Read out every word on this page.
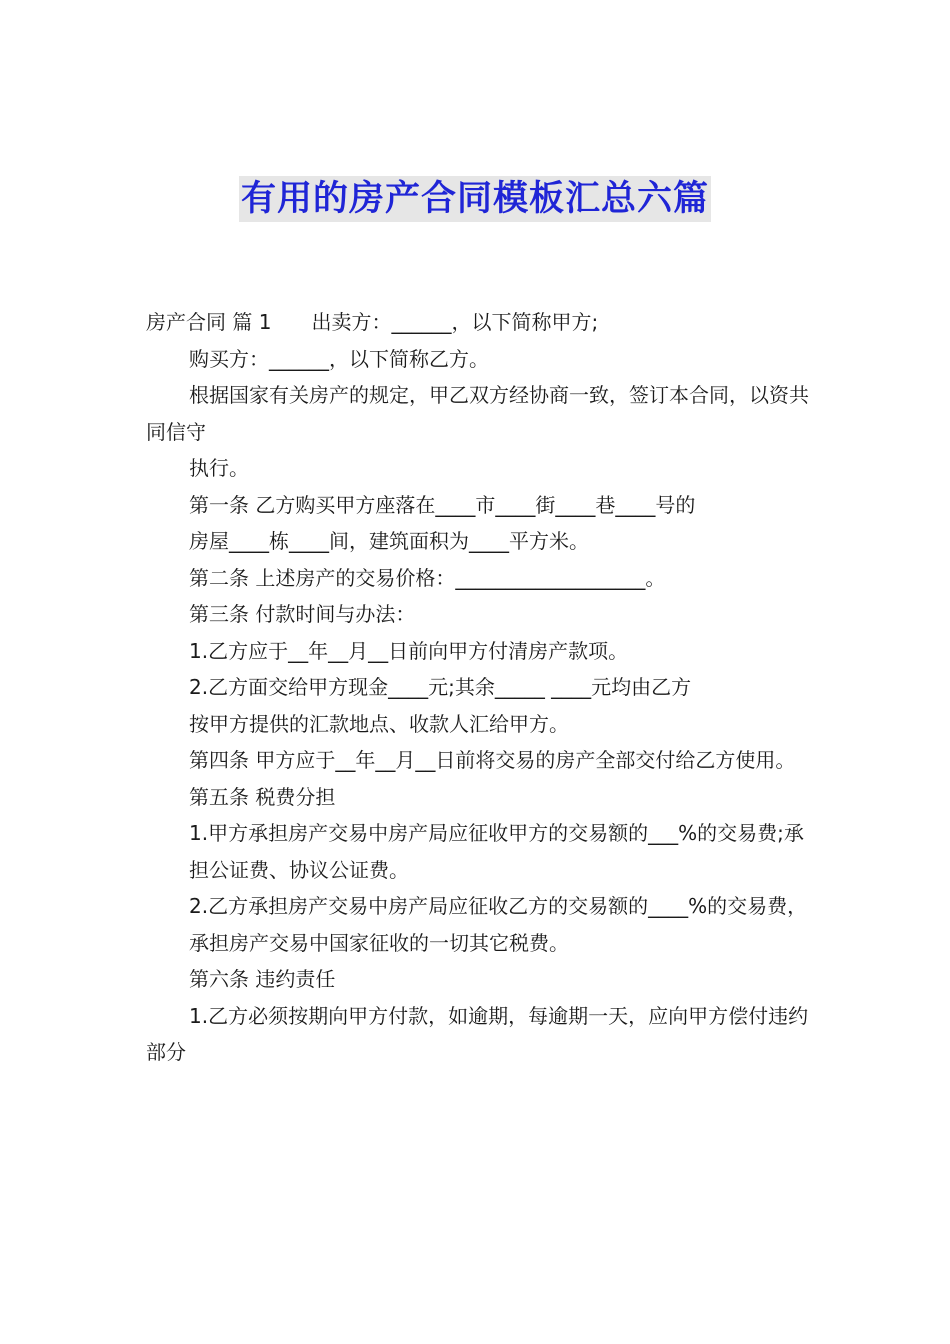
有用的房产合同模板汇总六篇

房产合同 篇 1 出卖方：______，以下简称甲方;

购买方：______，以下简称乙方。

根据国家有关房产的规定，甲乙双方经协商一致，签订本合同，以资共同信守

执行。

第一条 乙方购买甲方座落在____市____街____巷____号的

房屋____栋____间，建筑面积为____平方米。

第二条 上述房产的交易价格：___________________。

第三条 付款时间与办法：

1.乙方应于__年__月__日前向甲方付清房产款项。

2.乙方面交给甲方现金____元;其余_____ ____元均由乙方

按甲方提供的汇款地点、收款人汇给甲方。

第四条 甲方应于__年__月__日前将交易的房产全部交付给乙方使用。

第五条 税费分担

1.甲方承担房产交易中房产局应征收甲方的交易额的___%的交易费;承

担公证费、协议公证费。

2.乙方承担房产交易中房产局应征收乙方的交易额的____%的交易费，

承担房产交易中国家征收的一切其它税费。

第六条 违约责任

1.乙方必须按期向甲方付款，如逾期，每逾期一天，应向甲方偿付违约部分
